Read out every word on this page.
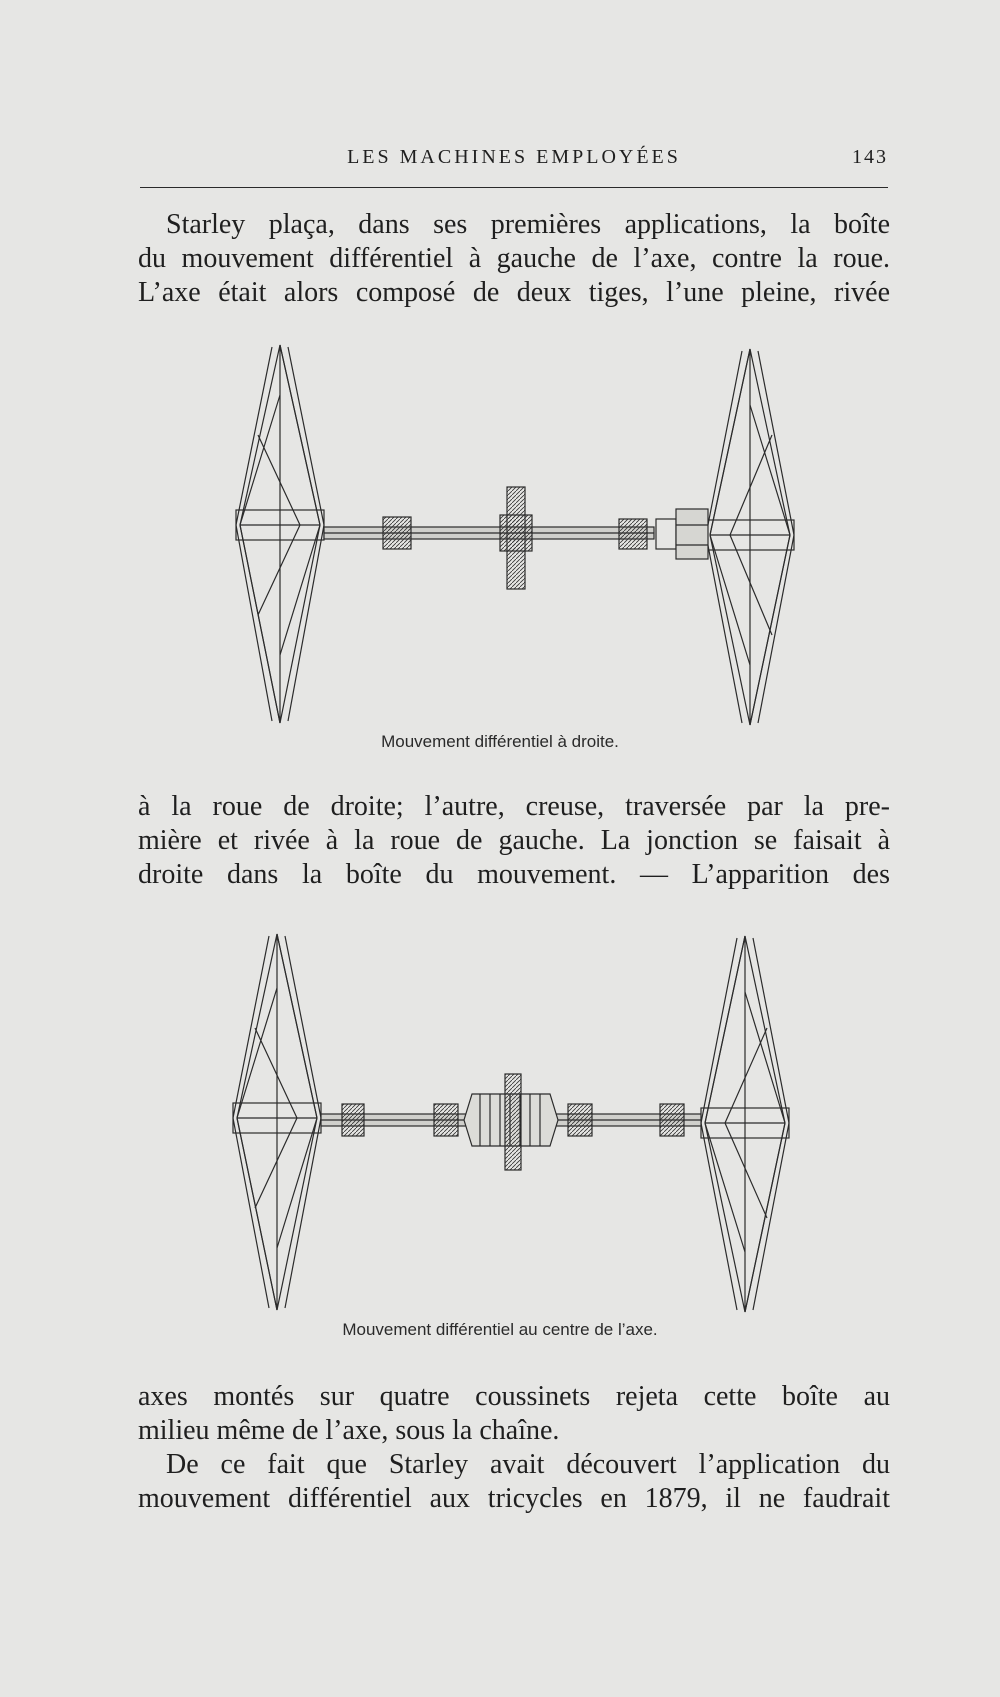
LES MACHINES EMPLOYÉES	143

Starley plaça, dans ses premières applications, la boîte
du mouvement différentiel à gauche de l’axe, contre la roue.
L’axe était alors composé de deux tiges, l’une pleine, rivée

Mouvement différentiel à droite.

à la roue de droite; l’autre, creuse, traversée par la pre-
mière et rivée à la roue de gauche. La jonction se faisait à
droite dans la boîte du mouvement. — L’apparition des

Mouvement différentiel au centre de l’axe.

axes montés sur quatre coussinets rejeta cette boîte au
milieu même de l’axe, sous la chaîne.

De ce fait que Starley avait découvert l’application du
mouvement différentiel aux tricycles en 1879, il ne faudrait
